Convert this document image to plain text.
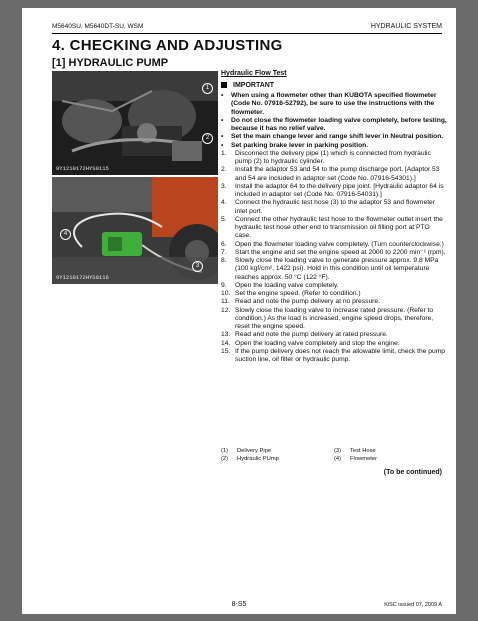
M5640SU, M5640DT-SU, WSM	HYDRAULIC SYSTEM
4. CHECKING AND ADJUSTING
[1] HYDRAULIC PUMP
1
2
9Y1210172HYS0115
4
3
9Y1210172HYS0116
Hydraulic Flow Test
IMPORTANT
•	When using a flowmeter other than KUBOTA specified flowmeter (Code No. 07916-52792), be sure to use the instructions with the flowmeter.
•	Do not close the flowmeter loading valve completely, before testing, because it has no relief valve.
•	Set the main change lever and range shift lever in Neutral position.
•	Set parking brake lever in parking position.
1.	Disconnect the delivery pipe (1) which is connected from hydraulic pump (2) to hydraulic cylinder.
2.	Install the adaptor 53 and 54 to the pump discharge port. [Adaptor 53 and 54 are included in adaptor set (Code No. 07916-54301).]
3.	Install the adaptor 64 to the delivery pipe joint. [Hydraulic adaptor 64 is included in adaptor set (Code No. 07916-54031).]
4.	Connect the hydraulic test hose (3) to the adaptor 53 and flowmeter inlet port.
5.	Connect the other hydraulic test hose to the flowmeter outlet insert the hydraulic test hose other end to transmission oil filling port at PTO case.
6.	Open the flowmeter loading valve completely. (Turn counterclockwise.)
7.	Start the engine and set the engine speed at 2000 to 2200 min⁻¹ (rpm).
8.	Slowly close the loading valve to generate pressure approx. 9.8 MPa (100 kgf/cm², 1422 psi). Hold in this condition until oil temperature reaches approx. 50 °C (122 °F).
9.	Open the loading valve completely.
10. Set the engine speed. (Refer to condition.)
11. Read and note the pump delivery at no pressure.
12. Slowly close the loading valve to increase rated pressure. (Refer to condition.) As the load is increased, engine speed drops, therefore, reset the engine speed.
13. Read and note the pump delivery at rated pressure.
14. Open the loading valve completely and stop the engine.
15. If the pump delivery does not reach the allowable limit, check the pump suction line, oil filter or hydraulic pump.
(1)	Delivery Pipe	(3)	Test Hose
(2)	Hydraulic PUmp	(4)	Flowmeter
(To be continued)
8-S5	KiSC issued 07, 2009 A
